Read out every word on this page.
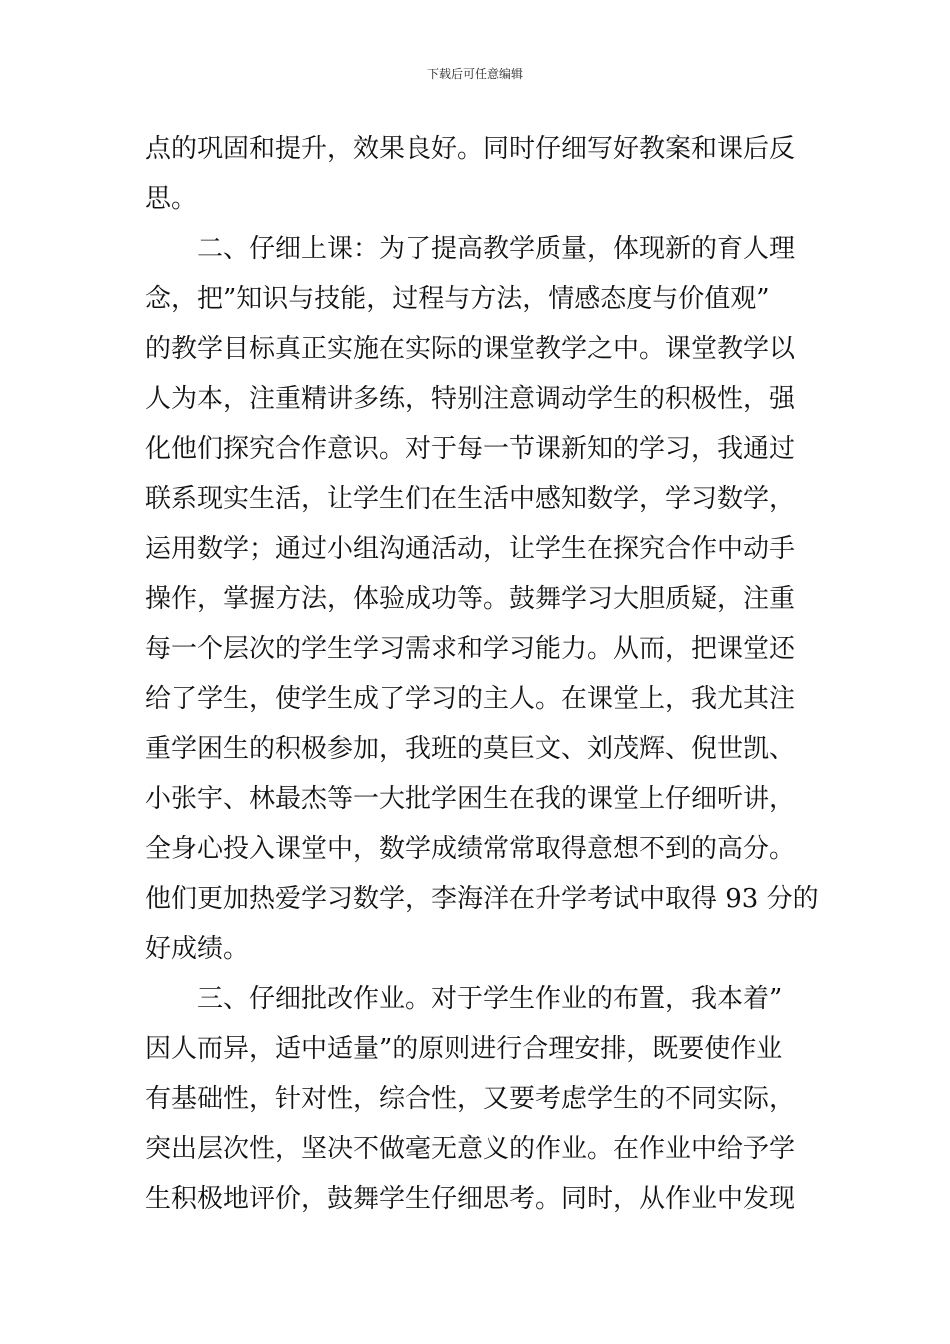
下载后可任意编辑
点的巩固和提升，效果良好。同时仔细写好教案和课后反
思。
二、仔细上课：为了提高教学质量，体现新的育人理
念，把”知识与技能，过程与方法，情感态度与价值观”
的教学目标真正实施在实际的课堂教学之中。课堂教学以
人为本，注重精讲多练，特别注意调动学生的积极性，强
化他们探究合作意识。对于每一节课新知的学习，我通过
联系现实生活，让学生们在生活中感知数学，学习数学，
运用数学；通过小组沟通活动，让学生在探究合作中动手
操作，掌握方法，体验成功等。鼓舞学习大胆质疑，注重
每一个层次的学生学习需求和学习能力。从而，把课堂还
给了学生，使学生成了学习的主人。在课堂上，我尤其注
重学困生的积极参加，我班的莫巨文、刘茂辉、倪世凯、
小张宇、林最杰等一大批学困生在我的课堂上仔细听讲，
全身心投入课堂中，数学成绩常常取得意想不到的高分。
他们更加热爱学习数学，李海洋在升学考试中取得 93 分的
好成绩。
三、仔细批改作业。对于学生作业的布置，我本着”
因人而异，适中适量”的原则进行合理安排，既要使作业
有基础性，针对性，综合性，又要考虑学生的不同实际，
突出层次性，坚决不做毫无意义的作业。在作业中给予学
生积极地评价，鼓舞学生仔细思考。同时，从作业中发现
